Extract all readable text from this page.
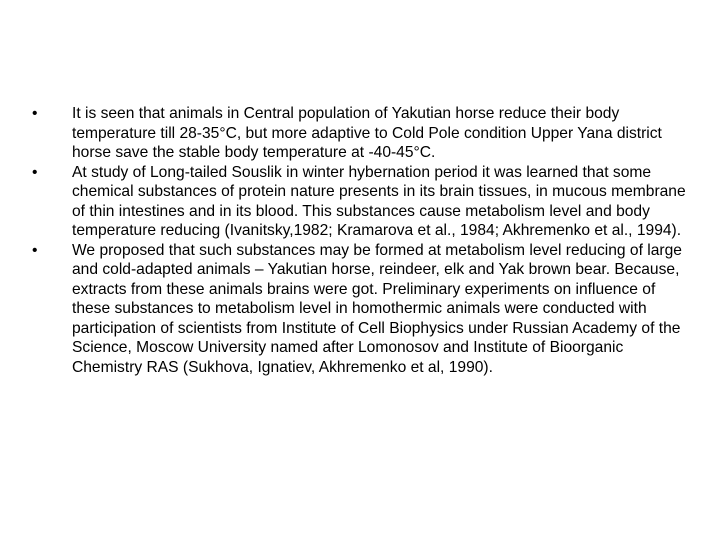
•	It is seen that animals in Central population of Yakutian horse reduce their body temperature till 28-35°C, but more adaptive to Cold Pole condition Upper Yana district horse save the stable body temperature at -40-45°C.
•	At study of Long-tailed Souslik in winter hybernation period it was learned that some chemical substances of protein nature presents in its brain tissues, in mucous membrane of thin intestines and in its blood. This substances cause metabolism level and body temperature reducing (Ivanitsky,1982; Kramarova et al., 1984; Akhremenko et al., 1994).
•	We proposed that such substances may be formed at metabolism level reducing of large and cold-adapted animals – Yakutian horse, reindeer, elk and Yak brown bear. Because, extracts from these animals brains were got. Preliminary experiments on influence of these substances to metabolism level in homothermic animals were conducted with participation of scientists from Institute of Cell Biophysics under Russian Academy of the Science, Moscow University named after Lomonosov and Institute of Bioorganic Chemistry RAS (Sukhova, Ignatiev, Akhremenko et al, 1990).
